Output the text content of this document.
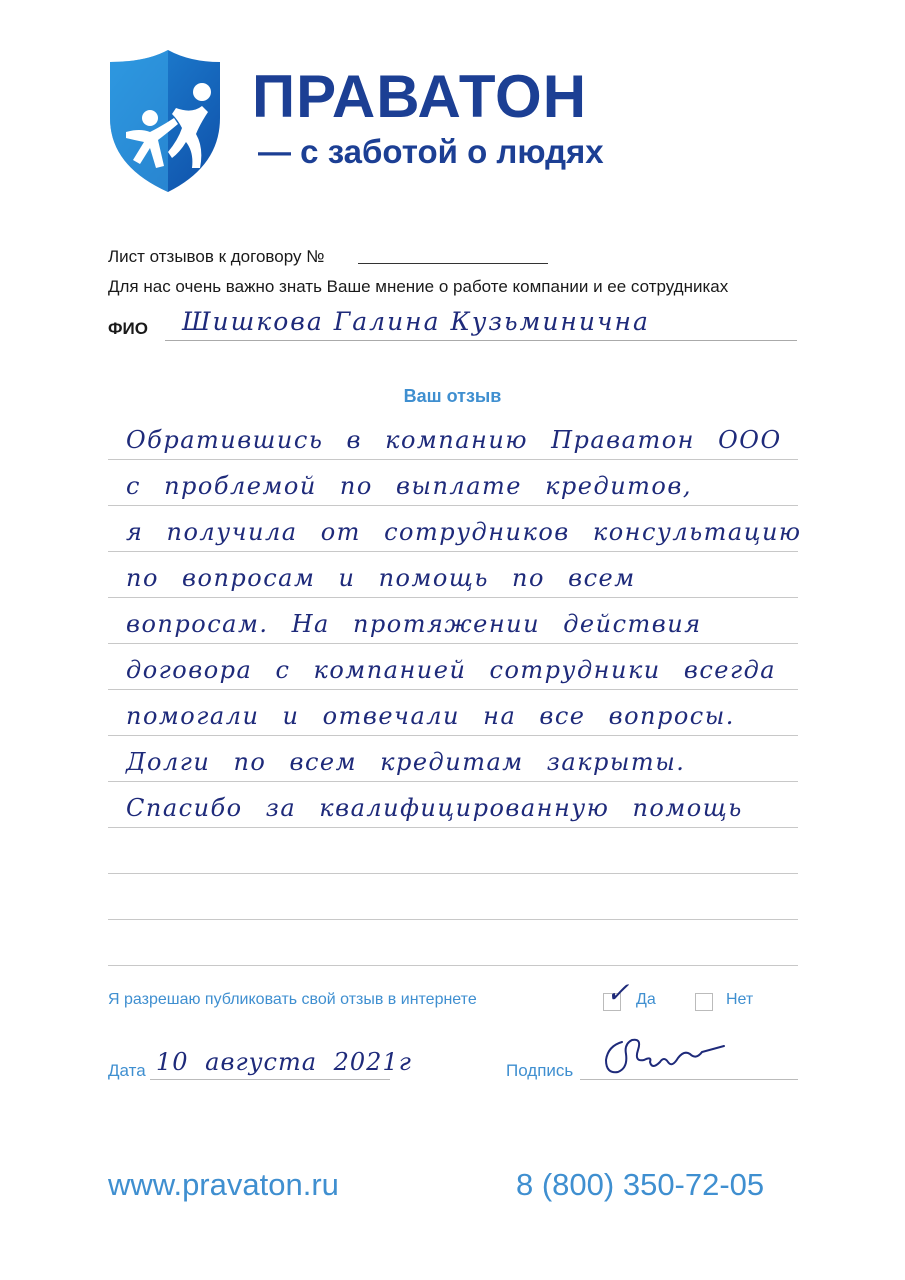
ПРАВАТОН
— с заботой о людях
Лист отзывов к договору №
Для нас очень важно знать Ваше мнение о работе компании и ее сотрудниках
ФИО Шишкова Галина Кузьминична
Ваш отзыв
Обратившись в компанию Праватон ООО
с проблемой по выплате кредитов,
я получила от сотрудников консультацию
по вопросам и помощь по всем
вопросам. На протяжении действия
договора с компанией сотрудники всегда
помогали и отвечали на все вопросы.
Долги по всем кредитам закрыты.
Спасибо за квалифицированную помощь
Я разрешаю публиковать свой отзыв в интернете	✓ Да	Нет
Дата 10 августа 2021г	Подпись
www.pravaton.ru	8 (800) 350-72-05
